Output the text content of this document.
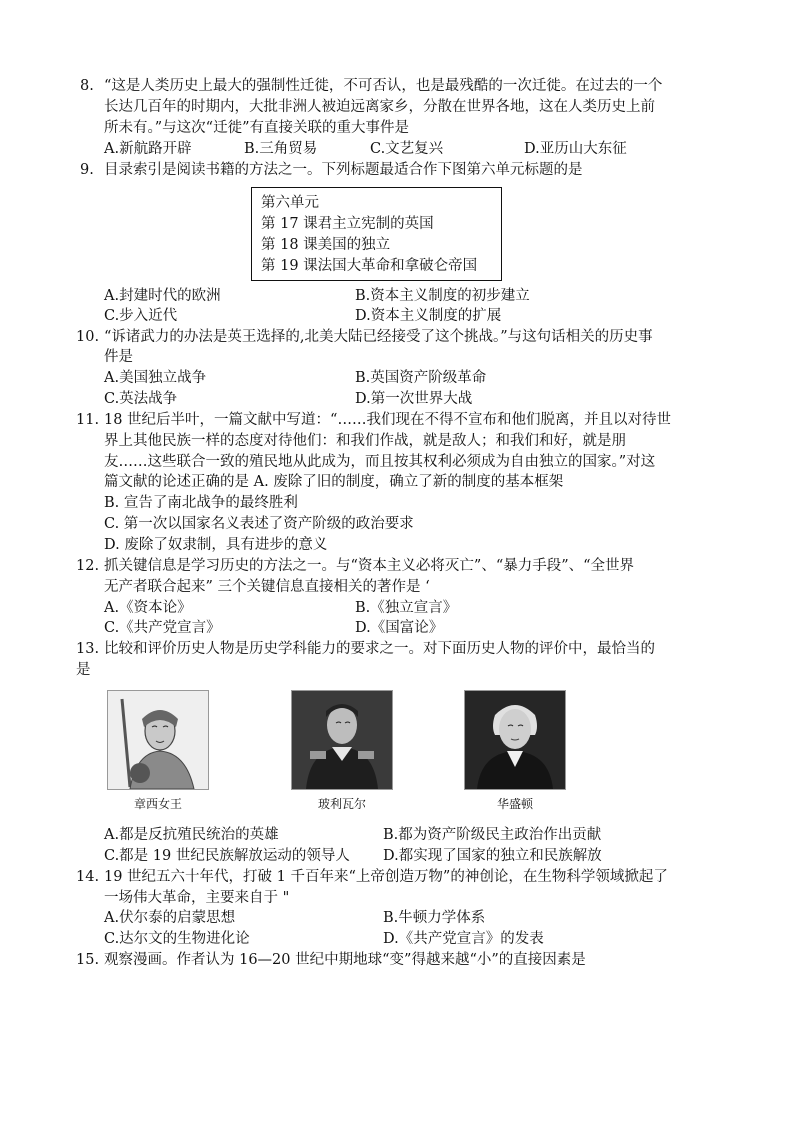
8. “这是人类历史上最大的强制性迁徙，不可否认，也是最残酷的一次迁徙。在过去的一个
长达几百年的时期内，大批非洲人被迫远离家乡，分散在世界各地，这在人类历史上前
所未有。”与这次“迁徙”有直接关联的重大事件是
A.新航路开辟	B.三角贸易	C.文艺复兴	D.亚历山大东征
9. 目录索引是阅读书籍的方法之一。下列标题最适合作下图第六单元标题的是
第六单元
第 17 课君主立宪制的英国
第 18 课美国的独立
第 19 课法国大革命和拿破仑帝国
A.封建时代的欧洲	B.资本主义制度的初步建立
C.步入近代	D.资本主义制度的扩展
10. “诉诸武力的办法是英王选择的,北美大陆已经接受了这个挑战。”与这句话相关的历史事
件是
A.美国独立战争	B.英国资产阶级革命
C.英法战争	D.第一次世界大战
11. 18 世纪后半叶，一篇文献中写道：“……我们现在不得不宣布和他们脱离，并且以对待世
界上其他民族一样的态度对待他们：和我们作战，就是敌人；和我们和好，就是朋
友……这些联合一致的殖民地从此成为，而且按其权利必须成为自由独立的国家。”对这
篇文献的论述正确的是 A. 废除了旧的制度，确立了新的制度的基本框架
B. 宣告了南北战争的最终胜利
C. 第一次以国家名义表述了资产阶级的政治要求
D. 废除了奴隶制，具有进步的意义
12. 抓关键信息是学习历史的方法之一。与“资本主义必将灭亡”、“暴力手段”、“全世界
无产者联合起来” 三个关键信息直接相关的著作是 ‘
A.《资本论》	B.《独立宣言》
C.《共产党宣言》	D.《国富论》
13. 比较和评价历史人物是历史学科能力的要求之一。对下面历史人物的评价中，最恰当的
是
章西女王	玻利瓦尔	华盛顿
A.都是反抗殖民统治的英雄	B.都为资产阶级民主政治作出贡献
C.都是 19 世纪民族解放运动的领导人 D.都实现了国家的独立和民族解放
14. 19 世纪五六十年代，打破 1 千百年来“上帝创造万物”的神创论，在生物科学领域掀起了
一场伟大革命，主要来自于 "
A.伏尔泰的启蒙思想	B.牛顿力学体系
C.达尔文的生物进化论	D.《共产党宣言》的发表
15. 观察漫画。作者认为 16—20 世纪中期地球“变”得越来越“小”的直接因素是
